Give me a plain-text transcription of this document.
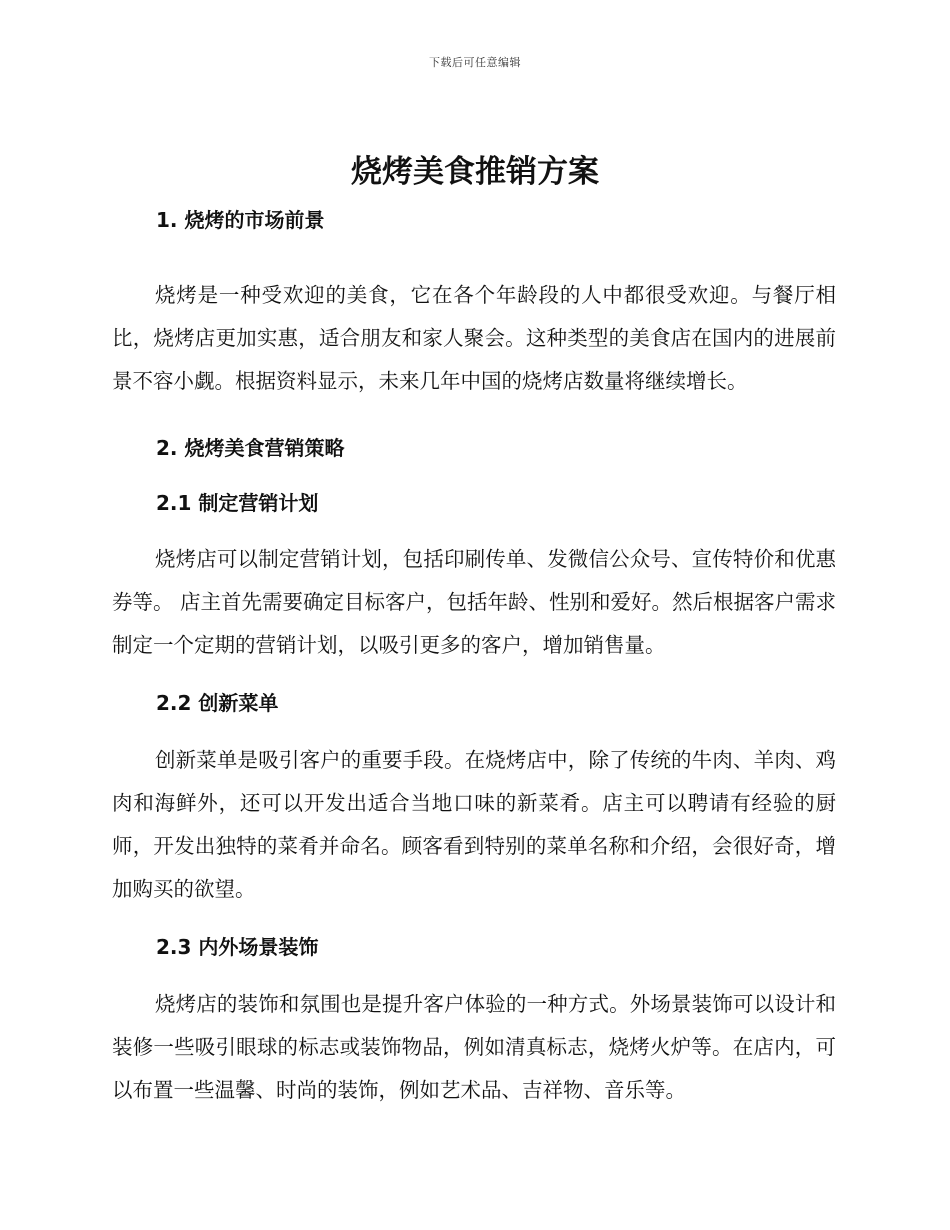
下载后可任意编辑
烧烤美食推销方案
1. 烧烤的市场前景

烧烤是一种受欢迎的美食，它在各个年龄段的人中都很受欢迎。与餐厅相比，烧烤店更加实惠，适合朋友和家人聚会。这种类型的美食店在国内的进展前景不容小觑。根据资料显示，未来几年中国的烧烤店数量将继续增长。

2. 烧烤美食营销策略
2.1 制定营销计划

烧烤店可以制定营销计划，包括印刷传单、发微信公众号、宣传特价和优惠券等。 店主首先需要确定目标客户，包括年龄、性别和爱好。然后根据客户需求制定一个定期的营销计划，以吸引更多的客户，增加销售量。

2.2 创新菜单

创新菜单是吸引客户的重要手段。在烧烤店中，除了传统的牛肉、羊肉、鸡肉和海鲜外，还可以开发出适合当地口味的新菜肴。店主可以聘请有经验的厨师，开发出独特的菜肴并命名。顾客看到特别的菜单名称和介绍，会很好奇，增加购买的欲望。

2.3 内外场景装饰

烧烤店的装饰和氛围也是提升客户体验的一种方式。外场景装饰可以设计和装修一些吸引眼球的标志或装饰物品，例如清真标志，烧烤火炉等。在店内，可以布置一些温馨、时尚的装饰，例如艺术品、吉祥物、音乐等。
